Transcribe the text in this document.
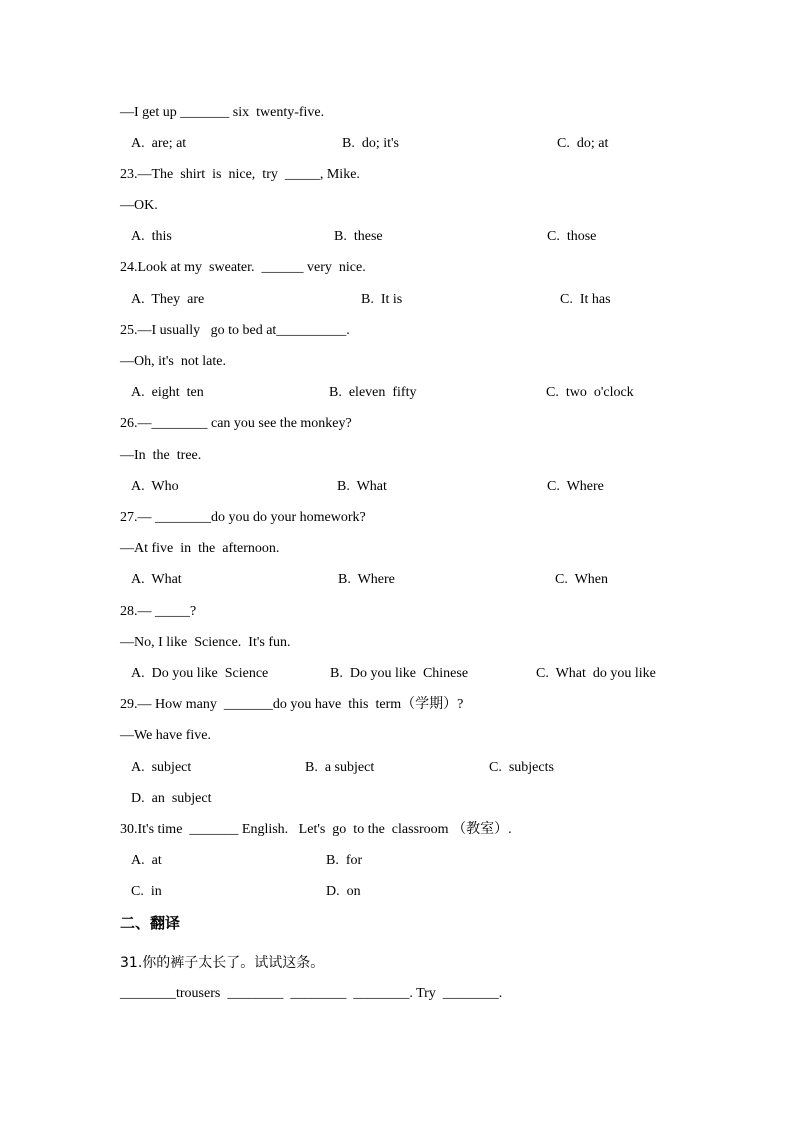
—I get up _______ six  twenty-five.
A.  are; at	B.  do; it's	C.  do; at
23.—The  shirt  is  nice,  try  _____, Mike.
—OK.
A.  this	B.  these	C.  those
24.Look at my  sweater.  ______ very  nice.
A.  They  are	B.  It is	C.  It has
25.—I usually   go to bed at__________.
—Oh, it's  not late.
A.  eight  ten	B.  eleven  fifty	C.  two  o'clock
26.—________ can you see the monkey?
—In  the  tree.
A.  Who	B.  What	C.  Where
27.— ________do you do your homework?
—At five  in  the  afternoon.
A.  What	B.  Where	C.  When
28.— _____?
—No, I like  Science.  It's fun.
A.  Do you like  Science	B.  Do you like  Chinese	C.  What  do you like
29.— How many  _______do you have  this  term（学期）?
—We have five.
A.  subject	B.  a subject	C.  subjects
D.  an  subject
30.It's time  _______ English.   Let's  go  to the  classroom （教室）.
A.  at	B.  for
C.  in	D.  on
二、翻译
31.你的裤子太长了。试试这条。
________trousers  ________  ________  ________. Try  ________.
